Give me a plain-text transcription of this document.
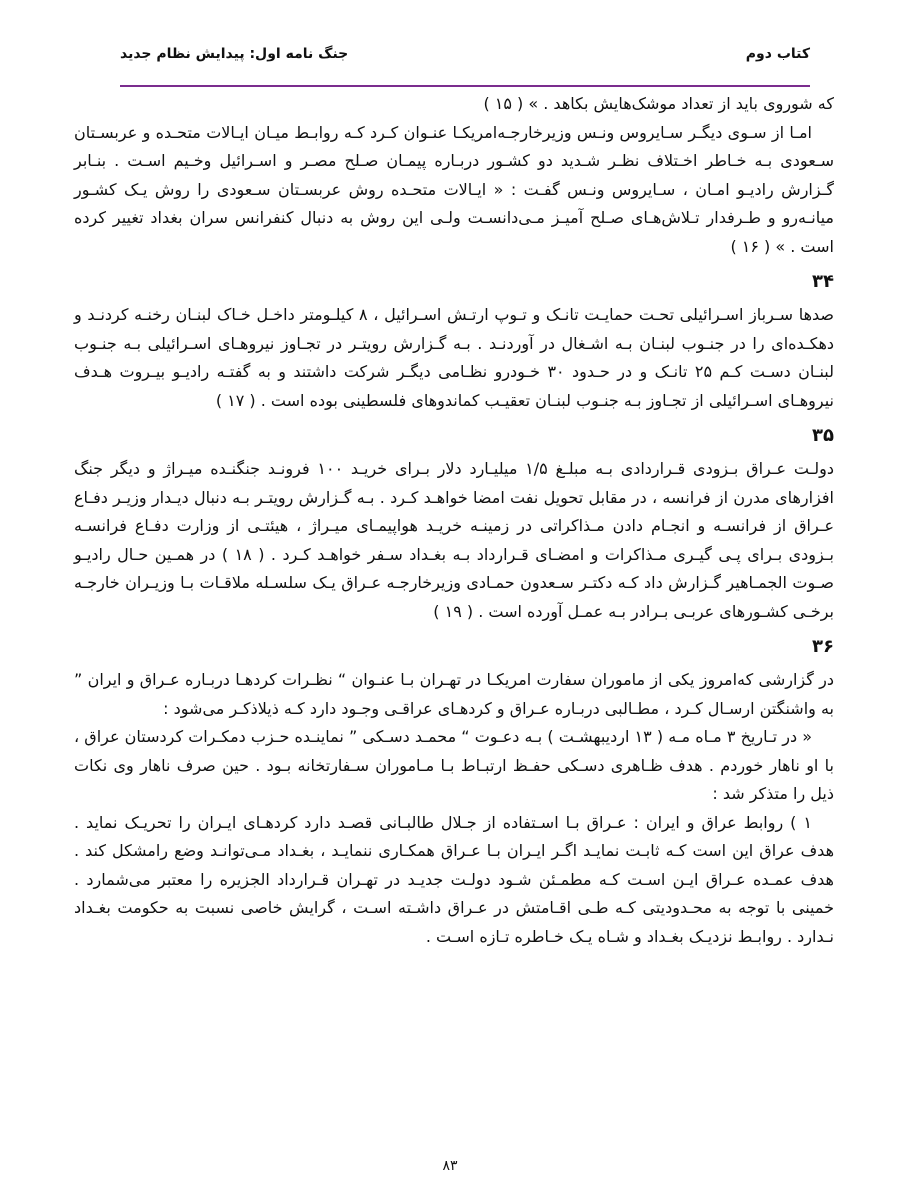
کتاب دوم
جنگ نامه اول: پیدایش نظام جدید

که شوروی باید از تعداد موشک‌هایش بکاهد . » ( ۱۵ )

امـا از سـوی دیگـر سـایروس ونـس وزیرخارجـه‌امریکـا عنـوان کـرد کـه روابـط میـان ایـالات متحـده و عربسـتان سـعودی بـه خـاطر اخـتلاف نظـر شـدید دو کشـور دربـاره پیمـان صـلح مصـر و اسـرائیل وخـیم اسـت . بنـابر گـزارش رادیـو امـان ، سـایروس ونـس گفـت : « ایـالات متحـده روش عربسـتان سـعودی را روش یـک کشـور میانـه‌رو و طـرفدار تـلاش‌هـای صـلح آمیـز مـی‌دانسـت ولـی این روش به دنبال کنفرانس سران بغداد تغییر کرده است . » ( ۱۶ )

۳۴

صدها سـرباز اسـرائیلی تحـت حمایـت تانـک و تـوپ ارتـش اسـرائیل ، ۸ کیلـومتر داخـل خـاک لبنـان رخنـه کردنـد و دهکـده‌ای را در جنـوب لبنـان بـه اشـغال در آوردنـد . بـه گـزارش رویتـر در تجـاوز نیروهـای اسـرائیلی بـه جنـوب لبنـان دسـت کـم ۲۵ تانـک و در حـدود ۳۰ خـودرو نظـامی دیگـر شرکت داشتند و به گفتـه رادیـو بیـروت هـدف نیروهـای اسـرائیلی از تجـاوز بـه جنـوب لبنـان تعقیـب کماندوهای فلسطینی بوده است . ( ۱۷ )

۳۵

دولـت عـراق بـزودی قـراردادی بـه مبلـغ ۱/۵ میلیـارد دلار بـرای خریـد ۱۰۰ فرونـد جنگنـده میـراژ و دیگر جنگ افزارهای مدرن از فرانسه ، در مقابل تحویل نفت امضا خواهـد کـرد . بـه گـزارش رویتـر بـه دنبال دیـدار وزیـر دفـاع عـراق از فرانسـه و انجـام دادن مـذاکراتی در زمینـه خریـد هواپیمـای میـراژ ، هیئتـی از وزارت دفـاع فرانسـه بـزودی بـرای پـی گیـری مـذاکرات و امضـای قـرارداد بـه بغـداد سـفر خواهـد کـرد . ( ۱۸ ) در همـین حـال رادیـو صـوت الجمـاهیر گـزارش داد کـه دکتـر سـعدون حمـادی وزیرخارجـه عـراق یـک سلسـله ملاقـات بـا وزیـران خارجـه برخـی کشـورهای عربـی بـرادر بـه عمـل آورده است . ( ۱۹ )

۳۶

در گزارشی که‌امروز یکی از ماموران سفارت امریکـا در تهـران بـا عنـوان “ نظـرات کردهـا دربـاره عـراق و ایران ” به واشنگتن ارسـال کـرد ، مطـالبی دربـاره عـراق و کردهـای عراقـی وجـود دارد کـه ذیلاذکـر می‌شود :

« در تـاریخ ۳ مـاه مـه ( ۱۳ اردیبهشـت ) بـه دعـوت “ محمـد دسـکی ” نماینـده حـزب دمکـرات کردستان عراق ، با او ناهار خوردم . هدف ظـاهری دسـکی حفـظ ارتبـاط بـا مـاموران سـفارتخانه بـود . حین صرف ناهار وی نکات ذیل را متذکر شد :

۱ ) روابط عراق و ایران : عـراق بـا اسـتفاده از جـلال طالبـانی قصـد دارد کردهـای ایـران را تحریـک نماید . هدف عراق این است کـه ثابـت نمایـد اگـر ایـران بـا عـراق همکـاری ننمایـد ، بغـداد مـی‌توانـد وضع رامشکل کند . هدف عمـده عـراق ایـن اسـت کـه مطمـئن شـود دولـت جدیـد در تهـران قـرارداد الجزیره را معتبر می‌شمارد . خمینی با توجه به محـدودیتی کـه طـی اقـامتش در عـراق داشـته اسـت ، گرایش خاصی نسبت به حکومت بغـداد نـدارد . روابـط نزدیـک بغـداد و شـاه یـک خـاطره تـازه اسـت .

۸۳
